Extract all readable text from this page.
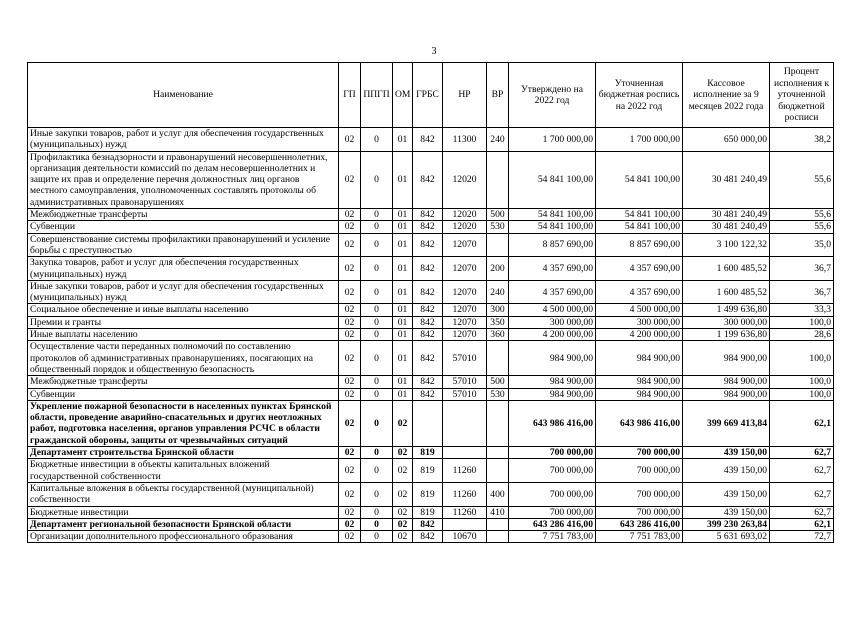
3
Наименование	ГП	ППГП	ОМ	ГРБС	НР	ВР	Утверждено на 2022 год	Уточненная бюджетная роспись на 2022 год	Кассовое исполнение за 9 месяцев 2022 года	Процент исполнения к уточненной бюджетной росписи
Иные закупки товаров, работ и услуг для обеспечения государственных (муниципальных) нужд	02	0	01	842	11300	240	1 700 000,00	1 700 000,00	650 000,00	38,2
Профилактика безнадзорности и правонарушений несовершеннолетних, организация деятельности комиссий по делам несовершеннолетних и защите их прав и определение перечня должностных лиц органов местного самоуправления, уполномоченных составлять протоколы об административных правонарушениях	02	0	01	842	12020		54 841 100,00	54 841 100,00	30 481 240,49	55,6
Межбюджетные трансферты	02	0	01	842	12020	500	54 841 100,00	54 841 100,00	30 481 240,49	55,6
Субвенции	02	0	01	842	12020	530	54 841 100,00	54 841 100,00	30 481 240,49	55,6
Совершенствование системы профилактики правонарушений и усиление борьбы с преступностью	02	0	01	842	12070		8 857 690,00	8 857 690,00	3 100 122,32	35,0
Закупка товаров, работ и услуг для обеспечения государственных (муниципальных) нужд	02	0	01	842	12070	200	4 357 690,00	4 357 690,00	1 600 485,52	36,7
Иные закупки товаров, работ и услуг для обеспечения государственных (муниципальных) нужд	02	0	01	842	12070	240	4 357 690,00	4 357 690,00	1 600 485,52	36,7
Социальное обеспечение и иные выплаты населению	02	0	01	842	12070	300	4 500 000,00	4 500 000,00	1 499 636,80	33,3
Премии и гранты	02	0	01	842	12070	350	300 000,00	300 000,00	300 000,00	100,0
Иные выплаты населению	02	0	01	842	12070	360	4 200 000,00	4 200 000,00	1 199 636,80	28,6
Осуществление части переданных полномочий по составлению протоколов об административных правонарушениях, посягающих на общественный порядок и общественную безопасность	02	0	01	842	57010		984 900,00	984 900,00	984 900,00	100,0
Межбюджетные трансферты	02	0	01	842	57010	500	984 900,00	984 900,00	984 900,00	100,0
Субвенции	02	0	01	842	57010	530	984 900,00	984 900,00	984 900,00	100,0
Укрепление пожарной безопасности в населенных пунктах Брянской области, проведение аварийно-спасательных и других неотложных работ, подготовка населения, органов управления РСЧС в области гражданской обороны, защиты от чрезвычайных ситуаций	02	0	02				643 986 416,00	643 986 416,00	399 669 413,84	62,1
Департамент строительства Брянской области	02	0	02	819			700 000,00	700 000,00	439 150,00	62,7
Бюджетные инвестиции в объекты капитальных вложений государственной собственности	02	0	02	819	11260		700 000,00	700 000,00	439 150,00	62,7
Капитальные вложения в объекты государственной (муниципальной) собственности	02	0	02	819	11260	400	700 000,00	700 000,00	439 150,00	62,7
Бюджетные инвестиции	02	0	02	819	11260	410	700 000,00	700 000,00	439 150,00	62,7
Департамент региональной безопасности Брянской области	02	0	02	842			643 286 416,00	643 286 416,00	399 230 263,84	62,1
Организации дополнительного профессионального образования	02	0	02	842	10670		7 751 783,00	7 751 783,00	5 631 693,02	72,7
